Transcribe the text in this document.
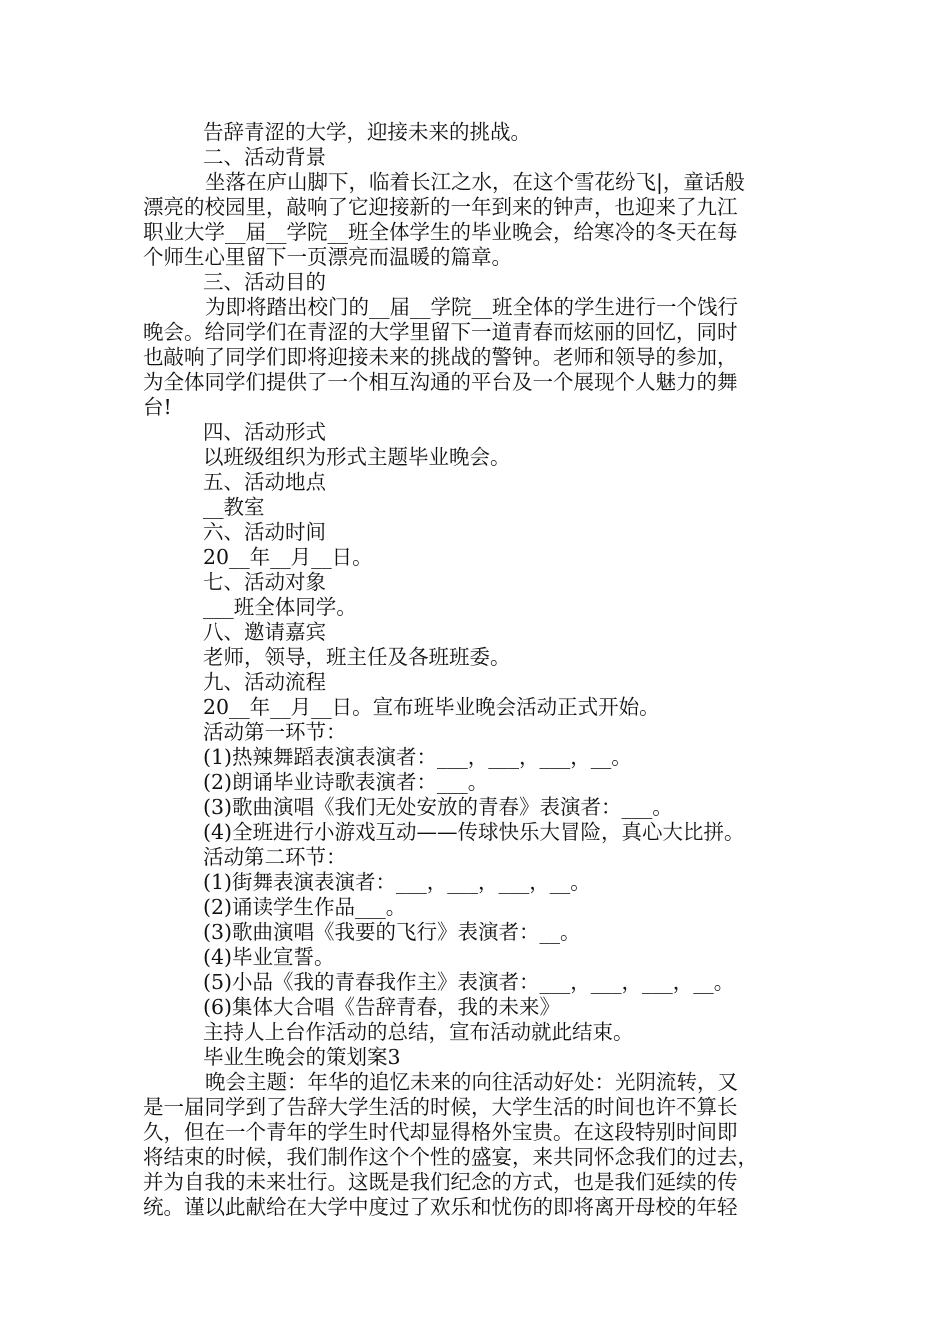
告辞青涩的大学，迎接未来的挑战。
二、活动背景
坐落在庐山脚下，临着长江之水，在这个雪花纷飞|，童话般
漂亮的校园里，敲响了它迎接新的一年到来的钟声，也迎来了九江
职业大学__届__学院__班全体学生的毕业晚会，给寒冷的冬天在每
个师生心里留下一页漂亮而温暖的篇章。
三、活动目的
为即将踏出校门的__届__学院__班全体的学生进行一个饯行
晚会。给同学们在青涩的大学里留下一道青春而炫丽的回忆，同时
也敲响了同学们即将迎接未来的挑战的警钟。老师和领导的参加，
为全体同学们提供了一个相互沟通的平台及一个展现个人魅力的舞
台!
四、活动形式
以班级组织为形式主题毕业晚会。
五、活动地点
__教室
六、活动时间
20__年__月__日。
七、活动对象
___班全体同学。
八、邀请嘉宾
老师，领导，班主任及各班班委。
九、活动流程
20__年__月__日。宣布班毕业晚会活动正式开始。
活动第一环节：
(1)热辣舞蹈表演表演者：___，___，___，__。
(2)朗诵毕业诗歌表演者：___。
(3)歌曲演唱《我们无处安放的青春》表演者：___。
(4)全班进行小游戏互动——传球快乐大冒险，真心大比拼。
活动第二环节：
(1)街舞表演表演者：___，___，___，__。
(2)诵读学生作品___。
(3)歌曲演唱《我要的飞行》表演者：__。
(4)毕业宣誓。
(5)小品《我的青春我作主》表演者：___，___，___，__。
(6)集体大合唱《告辞青春，我的未来》
主持人上台作活动的总结，宣布活动就此结束。
毕业生晚会的策划案3
晚会主题：年华的追忆未来的向往活动好处：光阴流转，又
是一届同学到了告辞大学生活的时候，大学生活的时间也许不算长
久，但在一个青年的学生时代却显得格外宝贵。在这段特别时间即
将结束的时候，我们制作这个个性的盛宴，来共同怀念我们的过去，
并为自我的未来壮行。这既是我们纪念的方式，也是我们延续的传
统。谨以此献给在大学中度过了欢乐和忧伤的即将离开母校的年轻
